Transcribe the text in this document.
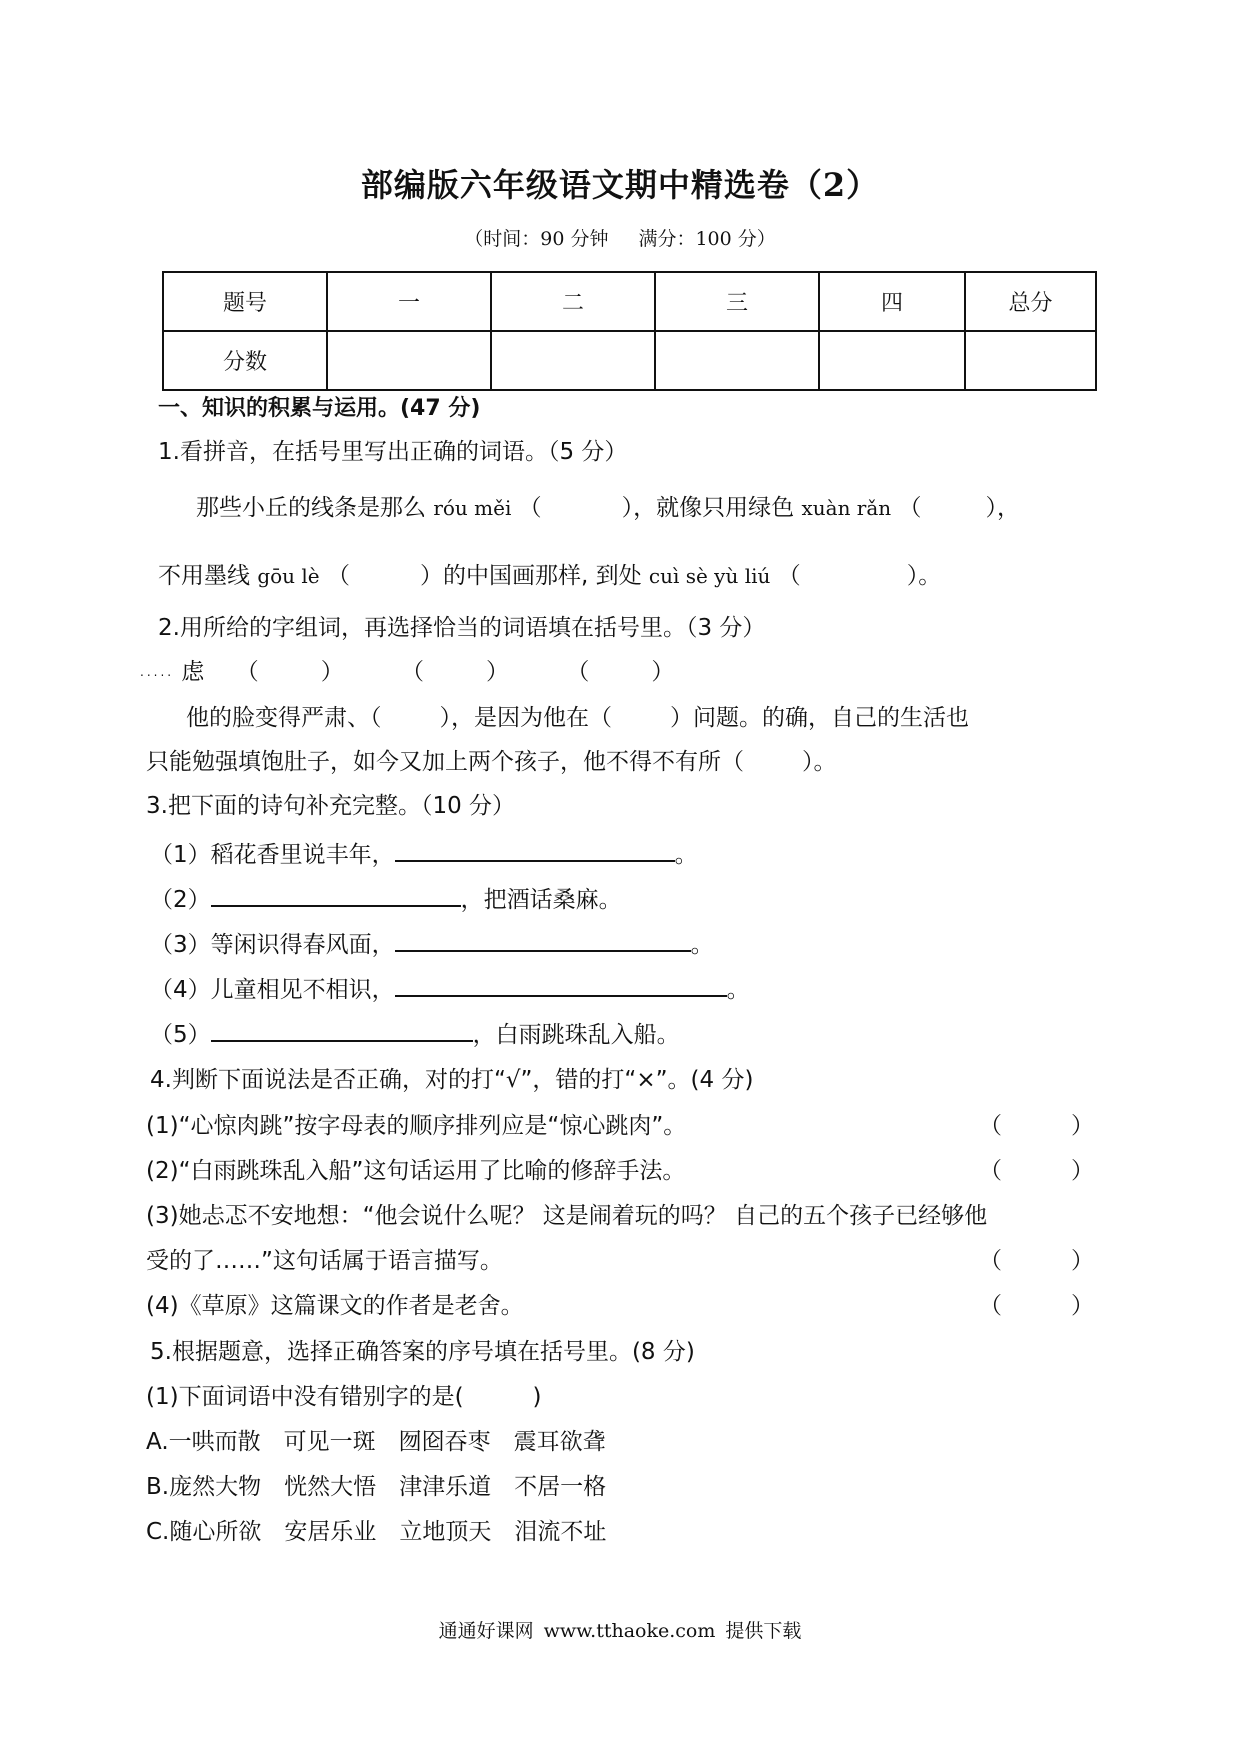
部编版六年级语文期中精选卷（2）
（时间：90 分钟 满分：100 分）
题号	一	二	三	四	总分
分数					
一、知识的积累与运用。(47 分)
1.看拼音，在括号里写出正确的词语。（5 分）
那些小丘的线条是那么 róu měi （	），就像只用绿色 xuàn rǎn （	），
不用墨线 gōu lè （	）的中国画那样, 到处 cuì sè yù liú （	）。
2.用所给的字组词，再选择恰当的词语填在括号里。（3 分）
..... 虑 （	） （	） （	）
他的脸变得严肃、（	），是因为他在（	）问题。的确，自己的生活也
只能勉强填饱肚子，如今又加上两个孩子，他不得不有所（	）。
3.把下面的诗句补充完整。（10 分）
（1）稻花香里说丰年，	。
（2）	，把酒话桑麻。
（3）等闲识得春风面，	。
（4）儿童相见不相识，	。
（5）	，白雨跳珠乱入船。
4.判断下面说法是否正确，对的打“√”，错的打“×”。(4 分)
(1)“心惊肉跳”按字母表的顺序排列应是“惊心跳肉”。	（　　　）
(2)“白雨跳珠乱入船”这句话运用了比喻的修辞手法。	（　　　）
(3)她忐忑不安地想：“他会说什么呢？ 这是闹着玩的吗？ 自己的五个孩子已经够他
受的了……”这句话属于语言描写。	（　　　）
(4)《草原》这篇课文的作者是老舍。	（　　　）
5.根据题意，选择正确答案的序号填在括号里。(8 分)
(1)下面词语中没有错别字的是(　　　)
A.一哄而散　可见一斑　囫囵吞枣　震耳欲聋
B.庞然大物　恍然大悟　津津乐道　不居一格
C.随心所欲　安居乐业　立地顶天　泪流不址
通通好课网 www.tthaoke.com 提供下载
